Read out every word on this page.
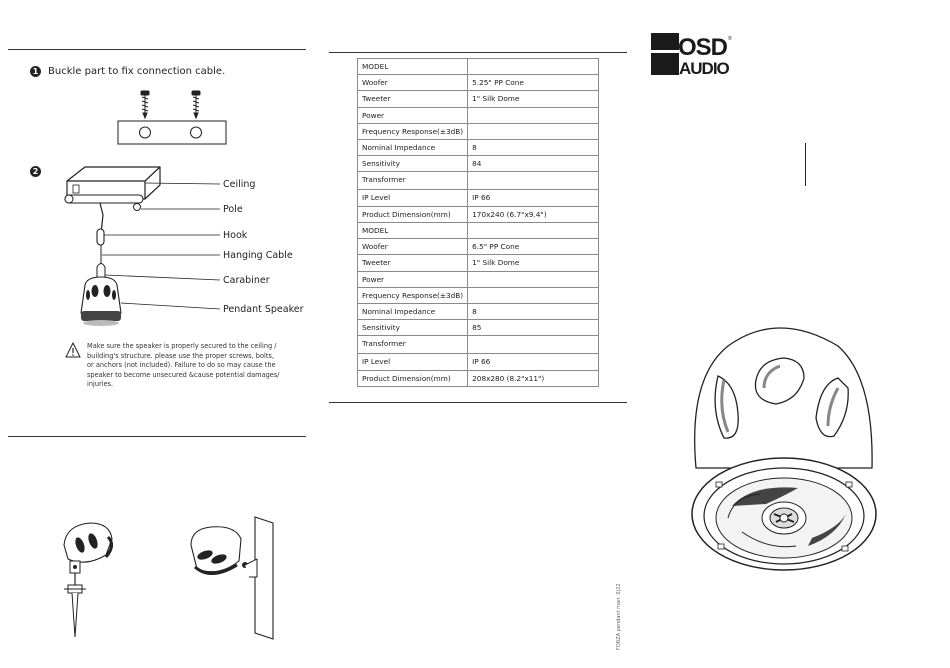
1 Buckle part to fix connection cable.
2
Ceiling
Pole
Hook
Hanging Cable
Carabiner
Pendant Speaker
Make sure the speaker is properly secured to the ceiling /
building's structure. please use the proper screws, bolts,
or anchors (not included). Failure to do so may cause the
speaker to become unsecured &cause potential damages/
injuries.
MODEL	
Woofer	5.25" PP Cone
Tweeter	1" Silk Dome
Power	
Frequency Response(±3dB)	
Nominal Impedance	8
Sensitivity	84
Transformer	
IP Level	IP 66
Product Dimension(mm)	170x240 (6.7"x9.4")
MODEL	
Woofer	6.5" PP Cone
Tweeter	1" Silk Dome
Power	
Frequency Response(±3dB)	
Nominal Impedance	8
Sensitivity	85
Transformer	
IP Level	IP 66
Product Dimension(mm)	208x280 (8.2"x11")
OSD
AUDIO
®
FORZA pendant man. 0|22
